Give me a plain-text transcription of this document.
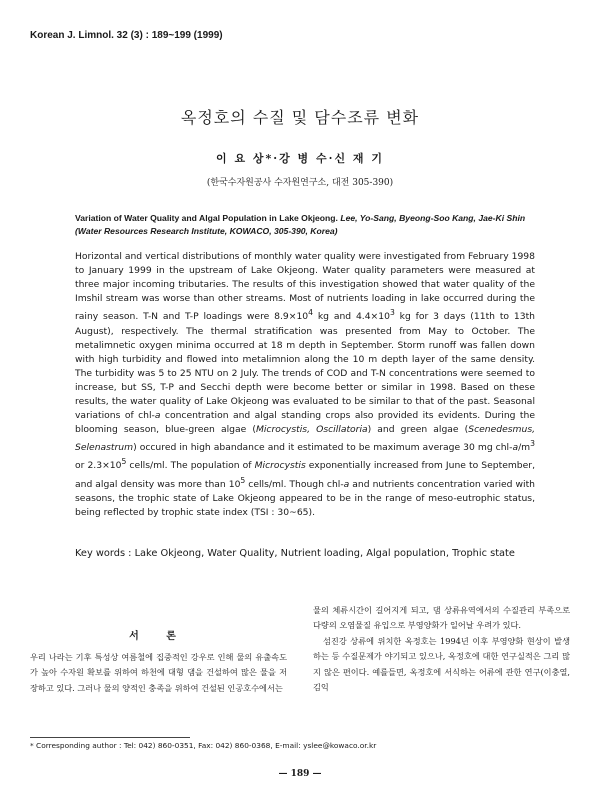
Korean J. Limnol. 32 (3) : 189~199 (1999)
옥정호의 수질 및 담수조류 변화
이 요 상*·강 병 수·신 재 기
(한국수자원공사 수자원연구소, 대전 305-390)
Variation of Water Quality and Algal Population in Lake Okjeong. Lee, Yo-Sang, Byeong-Soo Kang, Jae-Ki Shin (Water Resources Research Institute, KOWACO, 305-390, Korea)

Horizontal and vertical distributions of monthly water quality were investigated from February 1998 to January 1999 in the upstream of Lake Okjeong. Water quality parameters were measured at three major incoming tributaries. The results of this investigation showed that water quality of the Imshil stream was worse than other streams. Most of nutrients loading in lake occurred during the rainy season. T-N and T-P loadings were $8.9\times 10^4$ kg and $4.4\times 10^3$ kg for 3 days (11th to 13th August), respectively. The thermal stratification was presented from May to October. The metalimnetic oxygen minima occurred at 18 m depth in September. Storm runoff was fallen down with high turbidity and flowed into metalimnion along the 10 m depth layer of the same density. The turbidity was 5 to 25 NTU on 2 July. The trends of COD and T-N concentrations were seemed to increase, but SS, T-P and Secchi depth were become better or similar in 1998. Based on these results, the water quality of Lake Okjeong was evaluated to be similar to that of the past. Seasonal variations of chl-a concentration and algal standing crops also provided its evidents. During the blooming season, blue-green algae (Microcystis, Oscillatoria) and green algae (Scenedesmus, Selenastrum) occured in high abandance and it estimated to be maximum average 30 mg chl-$a/m^3$ or $2.3\times 10^5$ cells/ml. The population of Microcystis exponentially increased from June to September, and algal density was more than $10^5$ cells/ml. Though chl-a and nutrients concentration varied with seasons, the trophic state of Lake Okjeong appeared to be in the range of meso-eutrophic status, being reflected by trophic state index (TSI : 30~65).

Key words : Lake Okjeong, Water Quality, Nutrient loading, Algal population, Trophic state
서 론
우리 나라는 기후 특성상 여름철에 집중적인 강우로 인해 물의 유출속도가 높아 수자원 확보를 위하여 하천에 대형 댐을 건설하여 많은 물을 저장하고 있다. 그러나 물의 양적인 충족을 위하여 건설된 인공호수에서는
물의 체류시간이 길어지게 되고, 댐 상류유역에서의 수질관리 부족으로 다량의 오염물질 유입으로 부영양화가 일어날 우려가 있다.
섬진강 상류에 위치한 옥정호는 1994년 이후 부영양화 현상이 발생하는 등 수질문제가 야기되고 있으나, 옥정호에 대한 연구실적은 그리 많지 않은 편이다. 예를들면, 옥정호에 서식하는 어류에 관한 연구(이충열, 김익
* Corresponding author : Tel: 042) 860-0351, Fax: 042) 860-0368, E-mail: yslee@kowaco.or.kr
— 189 —
